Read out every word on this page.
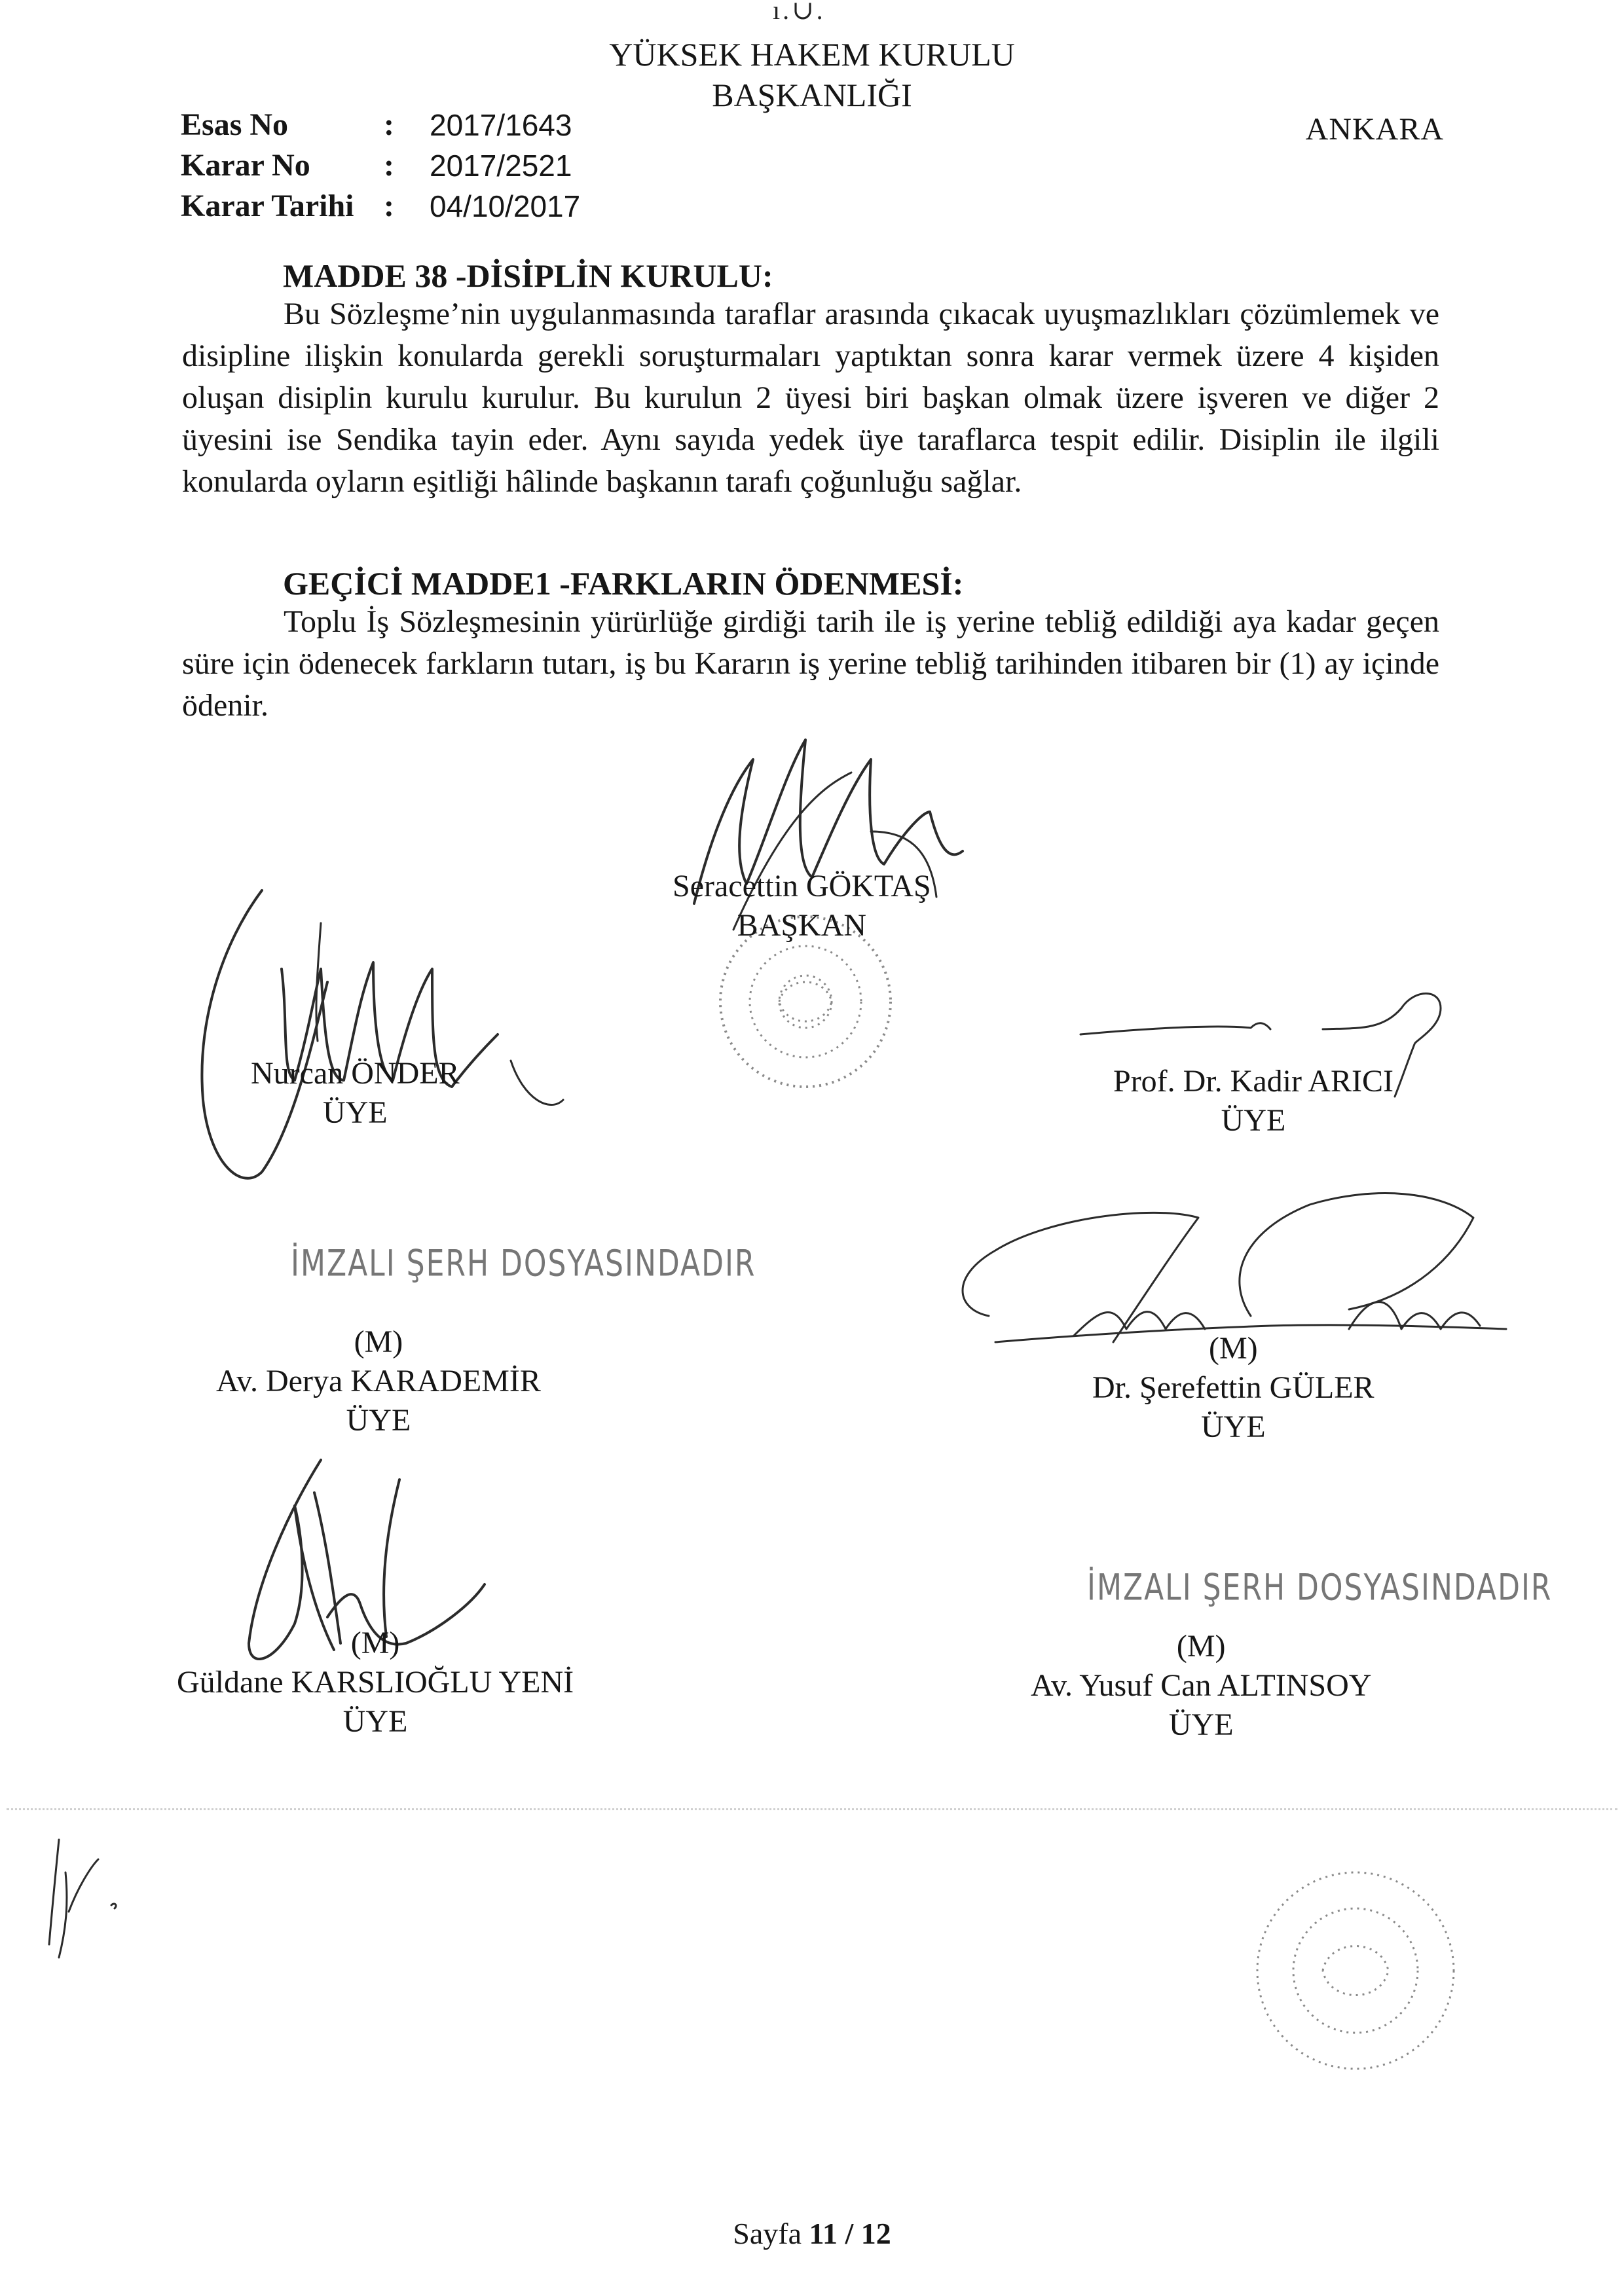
ı.∪.
YÜKSEK HAKEM KURULU
BAŞKANLIĞI
Esas No	:	2017/1643
Karar No	:	2017/2521
Karar Tarihi :	04/10/2017
ANKARA
MADDE 38 -DİSİPLİN KURULU:
Bu Sözleşme’nin uygulanmasında taraflar arasında çıkacak uyuşmazlıkları çözümlemek ve disipline ilişkin konularda gerekli soruşturmaları yaptıktan sonra karar vermek üzere 4 kişiden oluşan disiplin kurulu kurulur. Bu kurulun 2 üyesi biri başkan olmak üzere işveren ve diğer 2 üyesini ise Sendika tayin eder. Aynı sayıda yedek üye taraflarca tespit edilir. Disiplin ile ilgili konularda oyların eşitliği hâlinde başkanın tarafı çoğunluğu sağlar.
GEÇİCİ MADDE1 -FARKLARIN ÖDENMESİ:
Toplu İş Sözleşmesinin yürürlüğe girdiği tarih ile iş yerine tebliğ edildiği aya kadar geçen süre için ödenecek farkların tutarı, iş bu Kararın iş yerine tebliğ tarihinden itibaren bir (1) ay içinde ödenir.
Seracettin GÖKTAŞ
BAŞKAN
Nurcan ÖNDER
ÜYE
Prof. Dr. Kadir ARICI
ÜYE
İMZALI ŞERH DOSYASINDADIR
(M)
Av. Derya KARADEMİR
ÜYE
(M)
Dr. Şerefettin GÜLER
ÜYE
(M)
Güldane KARSLIOĞLU YENİ
ÜYE
İMZALI ŞERH DOSYASINDADIR
(M)
Av. Yusuf Can ALTINSOY
ÜYE
Sayfa 11 / 12
